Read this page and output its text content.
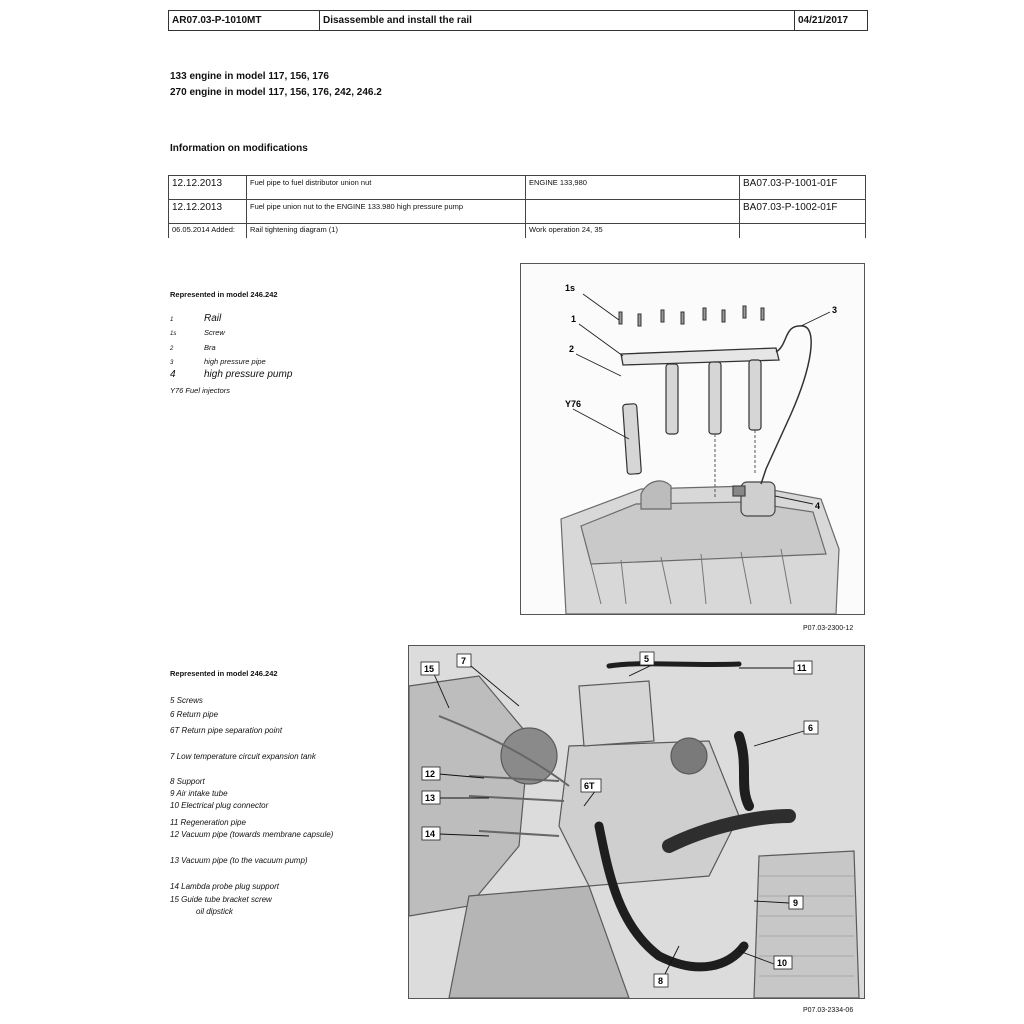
AR07.03-P-1010MT	Disassemble and install the rail	04/21/2017
133 engine in model 117, 156, 176
270 engine in model 117, 156, 176, 242, 246.2
Information on modifications
12.12.2013	Fuel pipe to fuel distributor union nut	ENGINE 133,980	BA07.03-P-1001-01F
12.12.2013	Fuel pipe union nut to the ENGINE 133.980 high pressure pump		BA07.03-P-1002-01F
06.05.2014 Added:	Rail tightening diagram (1)	Work operation 24, 35	
Represented in model 246.242
1	Rail
1s	Screw
2	Bra
3	high pressure pipe
4	high pressure pump
Y76 Fuel injectors
1s
1
2
Y76
3
4
P07.03-2300-12
Represented in model 246.242
5 Screws
6 Return pipe
6T Return pipe separation point
7 Low temperature circuit expansion tank
8 Support
9 Air intake tube
10 Electrical plug connector
11 Regeneration pipe
12 Vacuum pipe (towards membrane capsule)
13 Vacuum pipe (to the vacuum pump)
14 Lambda probe plug support
15 Guide tube bracket screw
oil dipstick
15
7	5
11
6
12
13
14
6T
8
9
10
P07.03-2334-06
